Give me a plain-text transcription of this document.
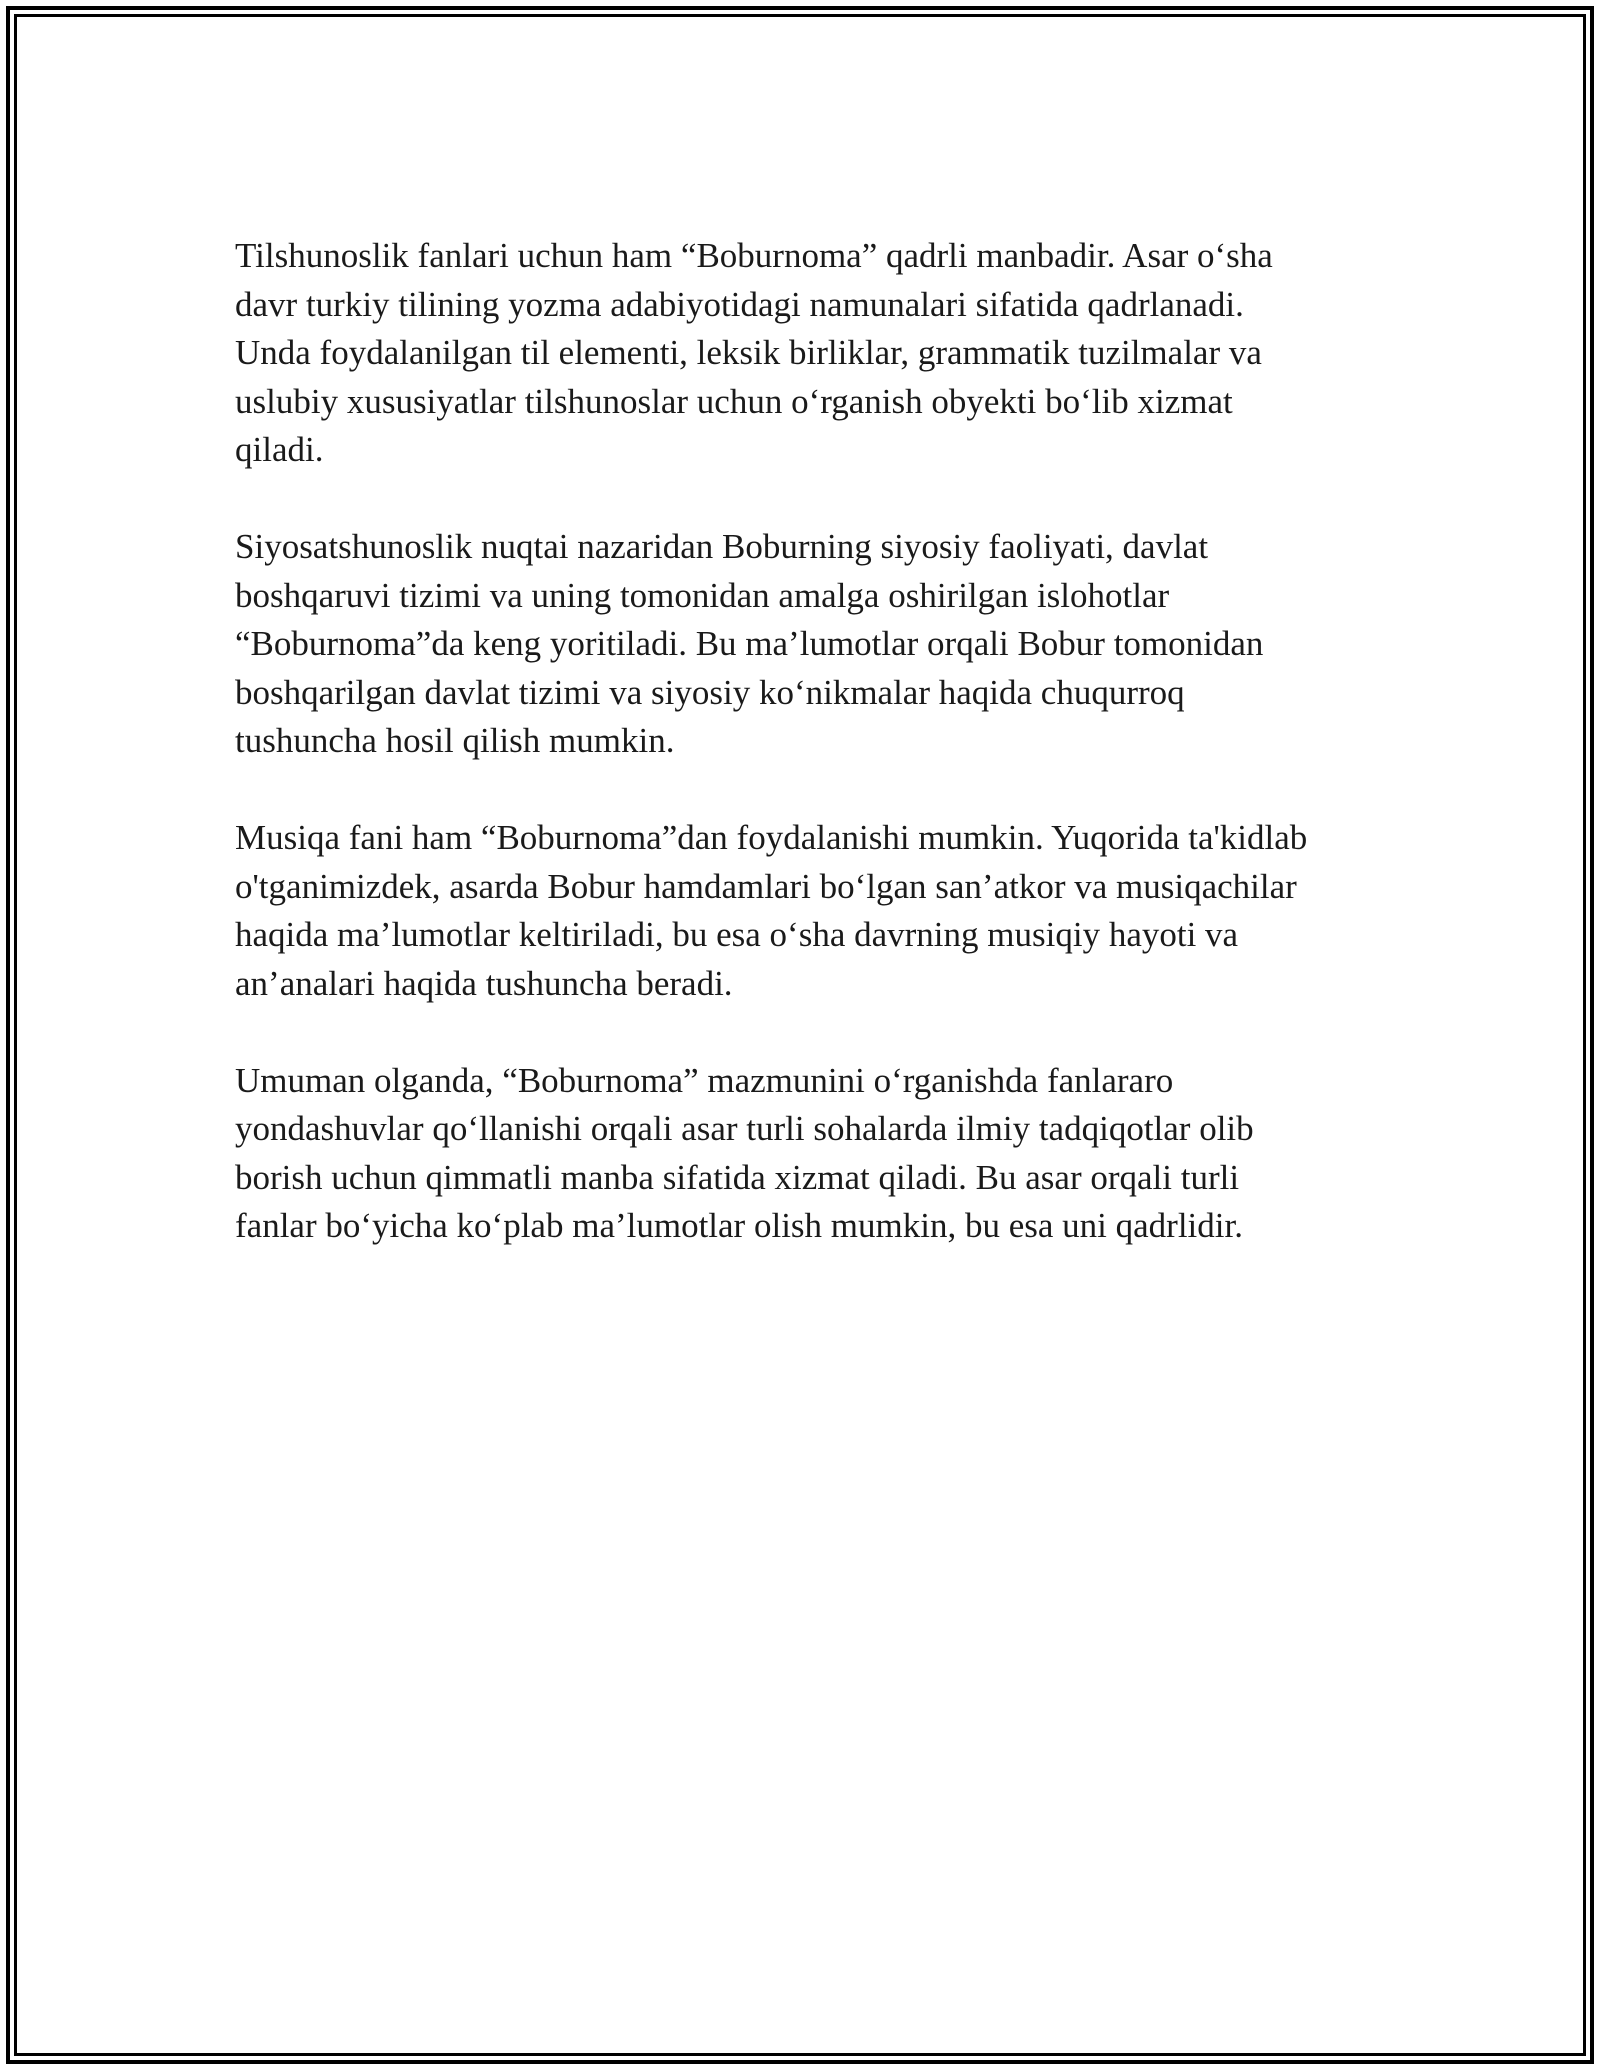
Tilshunoslik fanlari uchun ham “Boburnoma” qadrli manbadir. Asar o‘sha
davr turkiy tilining yozma adabiyotidagi namunalari sifatida qadrlanadi.
Unda foydalanilgan til elementi, leksik birliklar, grammatik tuzilmalar va
uslubiy xususiyatlar tilshunoslar uchun o‘rganish obyekti bo‘lib xizmat
qiladi.

Siyosatshunoslik nuqtai nazaridan Boburning siyosiy faoliyati, davlat
boshqaruvi tizimi va uning tomonidan amalga oshirilgan islohotlar
“Boburnoma”da keng yoritiladi. Bu ma’lumotlar orqali Bobur tomonidan
boshqarilgan davlat tizimi va siyosiy ko‘nikmalar haqida chuqurroq
tushuncha hosil qilish mumkin.

Musiqa fani ham “Boburnoma”dan foydalanishi mumkin. Yuqorida ta'kidlab
o'tganimizdek, asarda Bobur hamdamlari bo‘lgan san’atkor va musiqachilar
haqida ma’lumotlar keltiriladi, bu esa o‘sha davrning musiqiy hayoti va
an’analari haqida tushuncha beradi.

Umuman olganda, “Boburnoma” mazmunini o‘rganishda fanlararo
yondashuvlar qo‘llanishi orqali asar turli sohalarda ilmiy tadqiqotlar olib
borish uchun qimmatli manba sifatida xizmat qiladi. Bu asar orqali turli
fanlar bo‘yicha ko‘plab ma’lumotlar olish mumkin, bu esa uni qadrlidir.
